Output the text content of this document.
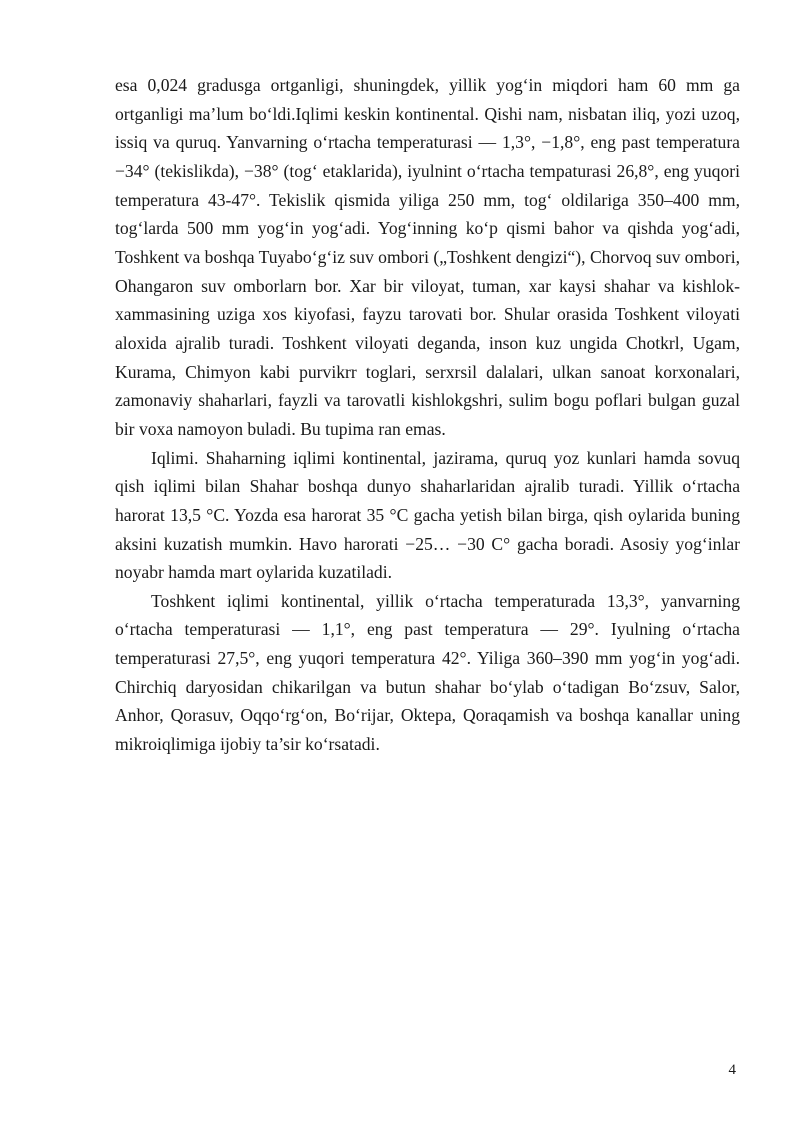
esa 0,024 gradusga ortganligi, shuningdek, yillik yog‘in miqdori ham 60 mm ga ortganligi ma’lum bo‘ldi.Iqlimi keskin kontinental. Qishi nam, nisbatan iliq, yozi uzoq, issiq va quruq. Yanvarning o‘rtacha temperaturasi — 1,3°, −1,8°, eng past temperatura −34° (tekislikda), −38° (tog‘ etaklarida), iyulnint o‘rtacha tempaturasi 26,8°, eng yuqori temperatura 43-47°. Tekislik qismida yiliga 250 mm, tog‘ oldilariga 350–400 mm, tog‘larda 500 mm yog‘in yog‘adi. Yog‘inning ko‘p qismi bahor va qishda yog‘adi, Toshkent va boshqa Tuyabo‘g‘iz suv ombori („Toshkent dengizi“), Chorvoq suv ombori, Ohangaron suv omborlarn bor. Xar bir viloyat, tuman, xar kaysi shahar va kishlok-xammasining uziga xos kiyofasi, fayzu tarovati bor. Shular orasida Toshkent viloyati aloxida ajralib turadi. Toshkent viloyati deganda, inson kuz ungida Chotkrl, Ugam, Kurama, Chimyon kabi purvikrr toglari, serxrsil dalalari, ulkan sanoat korxonalari, zamonaviy shaharlari, fayzli va tarovatli kishlokgshri, sulim bogu poflari bulgan guzal bir voxa namoyon buladi. Bu tupima ran emas.

Iqlimi. Shaharning iqlimi kontinental, jazirama, quruq yoz kunlari hamda sovuq qish iqlimi bilan Shahar boshqa dunyo shaharlaridan ajralib turadi. Yillik o‘rtacha harorat 13,5 °C. Yozda esa harorat 35 °C gacha yetish bilan birga, qish oylarida buning aksini kuzatish mumkin. Havo harorati −25… −30 C° gacha boradi. Asosiy yog‘inlar noyabr hamda mart oylarida kuzatiladi.

Toshkent iqlimi kontinental, yillik o‘rtacha temperaturada 13,3°, yanvarning o‘rtacha temperaturasi — 1,1°, eng past temperatura — 29°. Iyulning o‘rtacha temperaturasi 27,5°, eng yuqori temperatura 42°. Yiliga 360–390 mm yog‘in yog‘adi. Chirchiq daryosidan chikarilgan va butun shahar bo‘ylab o‘tadigan Bo‘zsuv, Salor, Anhor, Qorasuv, Oqqo‘rg‘on, Bo‘rijar, Oktepa, Qoraqamish va boshqa kanallar uning mikroiqlimiga ijobiy ta’sir ko‘rsatadi.

4
